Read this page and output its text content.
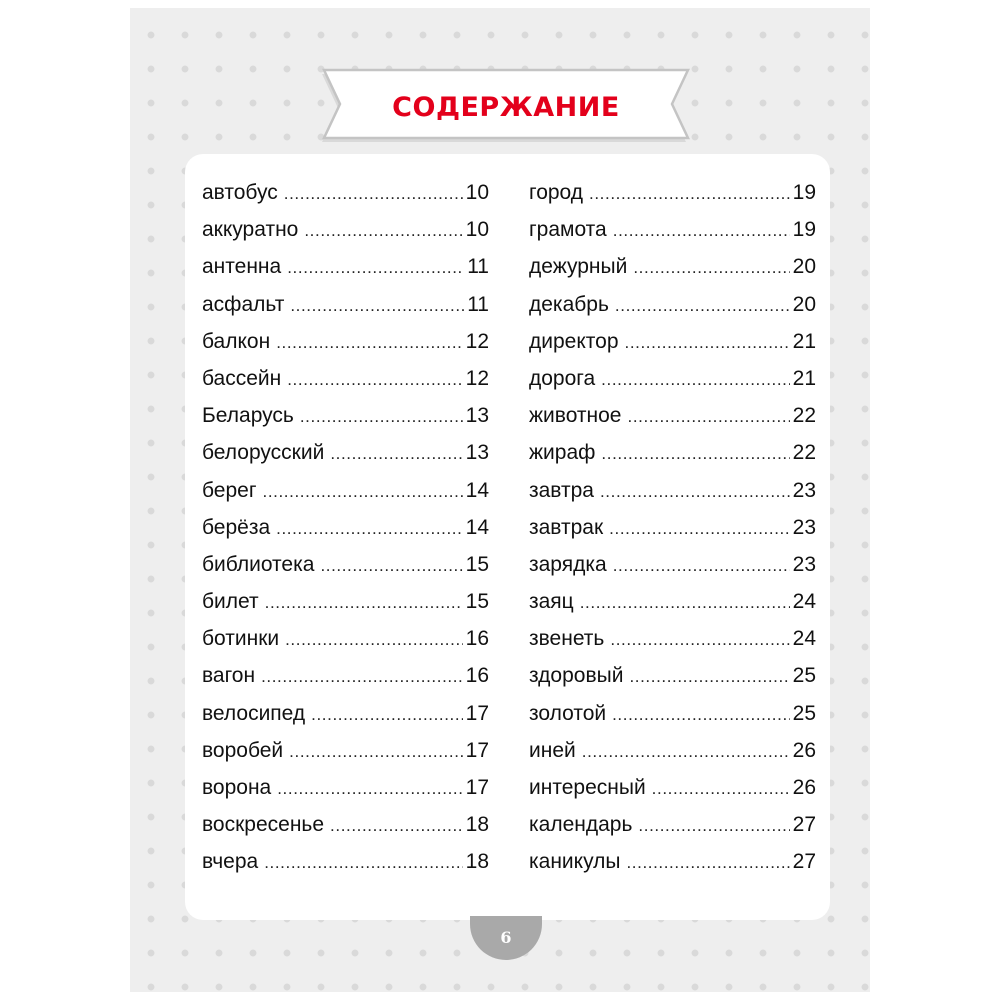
СОДЕРЖАНИЕ
автобус .....	10
аккуратно .....	10
антенна .....	11
асфальт .....	11
балкон .....	12
бассейн .....	12
Беларусь .....	13
белорусский .....	13
берег .....	14
берёза .....	14
библиотека .....	15
билет .....	15
ботинки .....	16
вагон .....	16
велосипед .....	17
воробей .....	17
ворона .....	17
воскресенье .....	18
вчера .....	18
город .....	19
грамота .....	19
дежурный .....	20
декабрь .....	20
директор .....	21
дорога .....	21
животное .....	22
жираф .....	22
завтра .....	23
завтрак .....	23
зарядка .....	23
заяц .....	24
звенеть .....	24
здоровый .....	25
золотой .....	25
иней .....	26
интересный .....	26
календарь .....	27
каникулы .....	27
6
